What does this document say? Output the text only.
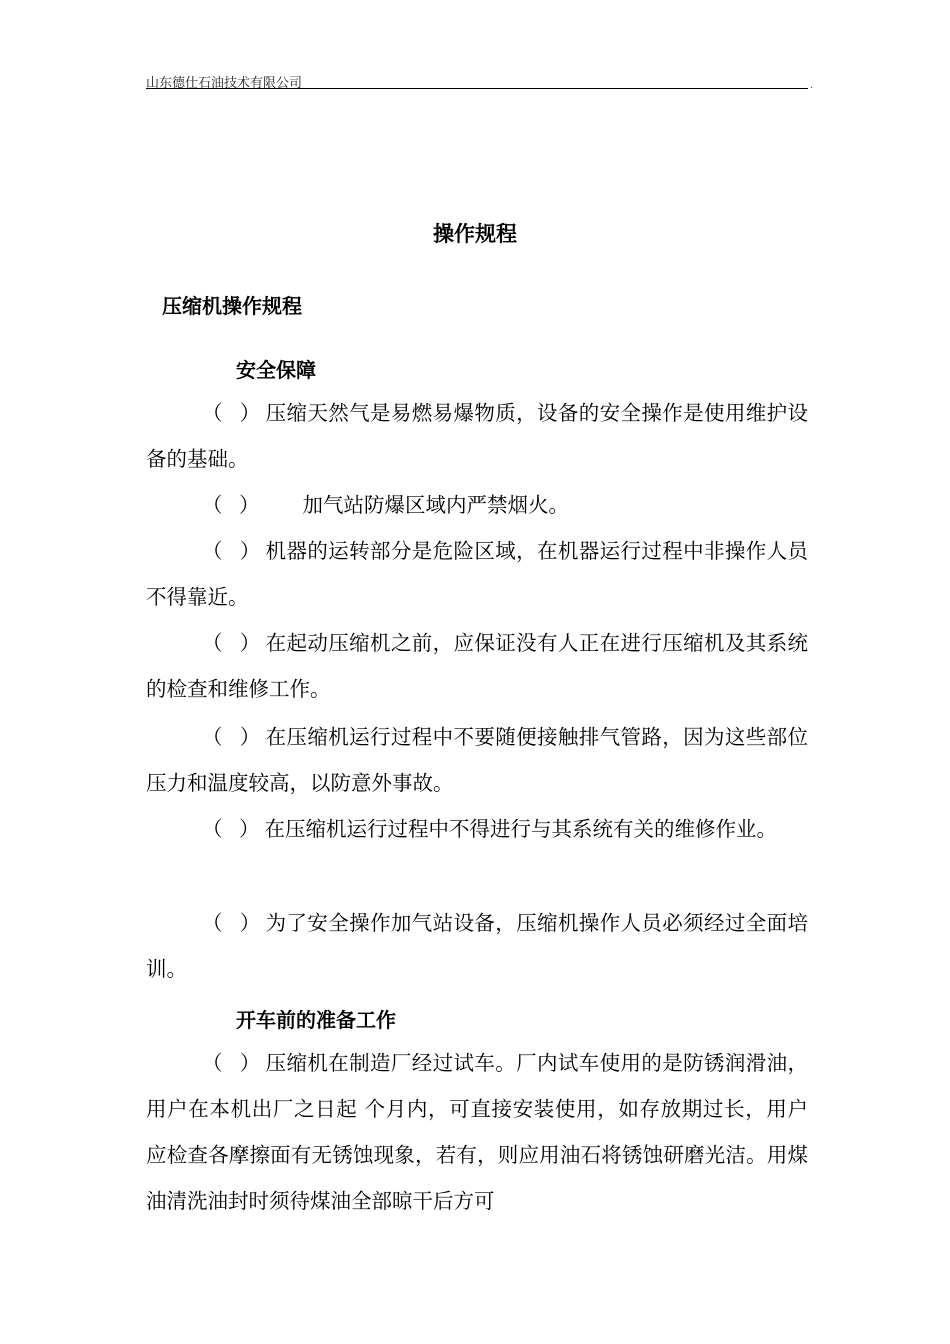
山东德仕石油技术有限公司	.
操作规程
压缩机操作规程
安全保障
（ ）压缩天然气是易燃易爆物质，设备的安全操作是使用维护设备的基础。
（ ） 加气站防爆区域内严禁烟火。
（ ）机器的运转部分是危险区域，在机器运行过程中非操作人员不得靠近。
（ ）在起动压缩机之前，应保证没有人正在进行压缩机及其系统的检查和维修工作。
（ ）在压缩机运行过程中不要随便接触排气管路，因为这些部位压力和温度较高，以防意外事故。
（ ）在压缩机运行过程中不得进行与其系统有关的维修作业。
（ ）为了安全操作加气站设备，压缩机操作人员必须经过全面培训。
开车前的准备工作
（ ）压缩机在制造厂经过试车。厂内试车使用的是防锈润滑油，用户在本机出厂之日起 个月内，可直接安装使用，如存放期过长，用户应检查各摩擦面有无锈蚀现象，若有，则应用油石将锈蚀研磨光洁。用煤油清洗油封时须待煤油全部晾干后方可
